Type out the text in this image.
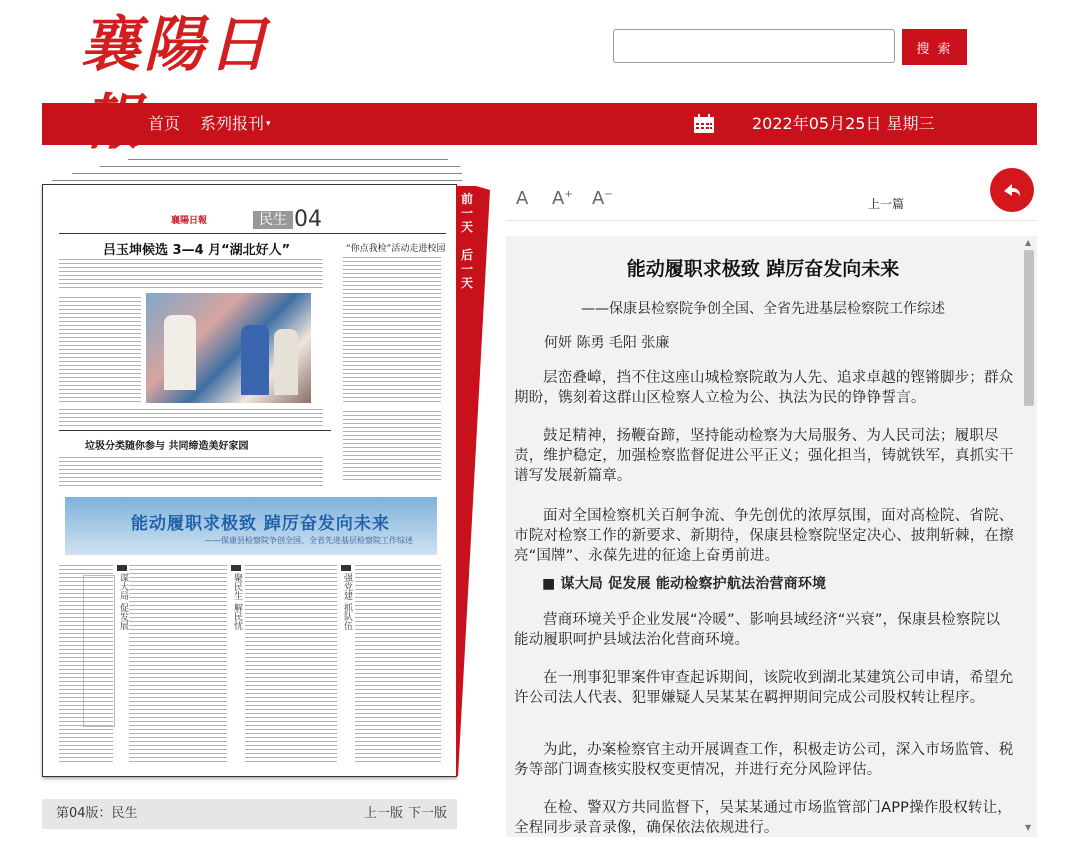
襄陽日	搜 索
首页 系列报刊 ▾	2022年05月25日 星期三
襄陽日報	民生 04
吕玉坤候选 3—4 月“湖北好人”	“你点我检”活动走进校园
垃圾分类随你参与 共同缔造美好家园
能动履职求极致 踔厉奋发向未来
——保康县检察院争创全国、全省先进基层检察院工作综述
谋大局 促发展	聚民生 解民忧	强党建 抓队伍
前一天
后一天
第04版：民生	上一版 下一版
A A+ A−
上一篇
能动履职求极致 踔厉奋发向未来
——保康县检察院争创全国、全省先进基层检察院工作综述
何妍 陈勇 毛阳 张廉

层峦叠嶂，挡不住这座山城检察院敢为人先、追求卓越的铿锵脚步；群众期盼，镌刻着这群山区检察人立检为公、执法为民的铮铮誓言。

鼓足精神，扬鞭奋蹄，坚持能动检察为大局服务、为人民司法；履职尽责，维护稳定，加强检察监督促进公平正义；强化担当，铸就铁军，真抓实干谱写发展新篇章。

面对全国检察机关百舸争流、争先创优的浓厚氛围，面对高检院、省院、市院对检察工作的新要求、新期待，保康县检察院坚定决心、披荆斩棘，在擦亮“国牌”、永葆先进的征途上奋勇前进。

■ 谋大局 促发展 能动检察护航法治营商环境

营商环境关乎企业发展“冷暖”、影响县域经济“兴衰”，保康县检察院以能动履职呵护县域法治化营商环境。

在一刑事犯罪案件审查起诉期间，该院收到湖北某建筑公司申请，希望允许公司法人代表、犯罪嫌疑人吴某某在羁押期间完成公司股权转让程序。

为此，办案检察官主动开展调查工作，积极走访公司，深入市场监管、税务等部门调查核实股权变更情况，并进行充分风险评估。

在检、警双方共同监督下，吴某某通过市场监管部门APP操作股权转让，全程同步录音录像，确保依法依规进行。

▲
▼
